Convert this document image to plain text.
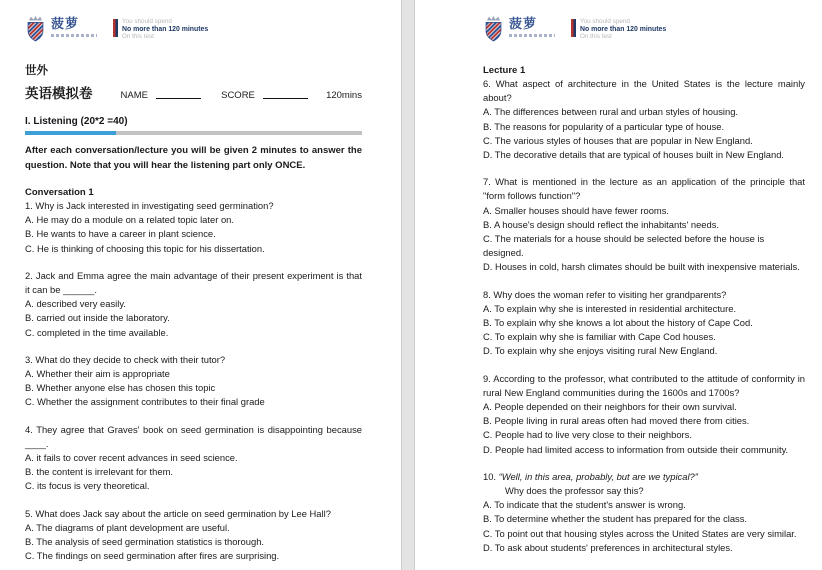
菠萝	You should spend
No more than 120 minutes
On this test
世外
英语模拟卷	NAME	SCORE	120mins
I. Listening (20*2 =40)

After each conversation/lecture you will be given 2 minutes to answer the question. Note that you will hear the listening part only ONCE.

Conversation 1
1. Why is Jack interested in investigating seed germination?
A. He may do a module on a related topic later on.
B. He wants to have a career in plant science.
C. He is thinking of choosing this topic for his dissertation.
2. Jack and Emma agree the main advantage of their present experiment is that it can be ______.
A. described very easily.
B. carried out inside the laboratory.
C. completed in the time available.
3. What do they decide to check with their tutor?
A. Whether their aim is appropriate
B. Whether anyone else has chosen this topic
C. Whether the assignment contributes to their final grade
4. They agree that Graves' book on seed germination is disappointing because ____.
A. it fails to cover recent advances in seed science.
B. the content is irrelevant for them.
C. its focus is very theoretical.
5. What does Jack say about the article on seed germination by Lee Hall?
A. The diagrams of plant development are useful.
B. The analysis of seed germination statistics is thorough.
C. The findings on seed germination after fires are surprising.
菠萝	You should spend
No more than 120 minutes
On this test
Lecture 1
6. What aspect of architecture in the United States is the lecture mainly about?
A. The differences between rural and urban styles of housing.
B. The reasons for popularity of a particular type of house.
C. The various styles of houses that are popular in New England.
D. The decorative details that are typical of houses built in New England.
7. What is mentioned in the lecture as an application of the principle that "form follows function"?
A. Smaller houses should have fewer rooms.
B. A house's design should reflect the inhabitants' needs.
C. The materials for a house should be selected before the house is designed.
D. Houses in cold, harsh climates should be built with inexpensive materials.
8. Why does the woman refer to visiting her grandparents?
A. To explain why she is interested in residential architecture.
B. To explain why she knows a lot about the history of Cape Cod.
C. To explain why she is familiar with Cape Cod houses.
D. To explain why she enjoys visiting rural New England.
9. According to the professor, what contributed to the attitude of conformity in rural New England communities during the 1600s and 1700s?
A. People depended on their neighbors for their own survival.
B. People living in rural areas often had moved there from cities.
C. People had to live very close to their neighbors.
D. People had limited access to information from outside their community.
10. “Well, in this area, probably, but are we typical?”
Why does the professor say this?
A. To indicate that the student's answer is wrong.
B. To determine whether the student has prepared for the class.
C. To point out that housing styles across the United States are very similar.
D. To ask about students' preferences in architectural styles.
